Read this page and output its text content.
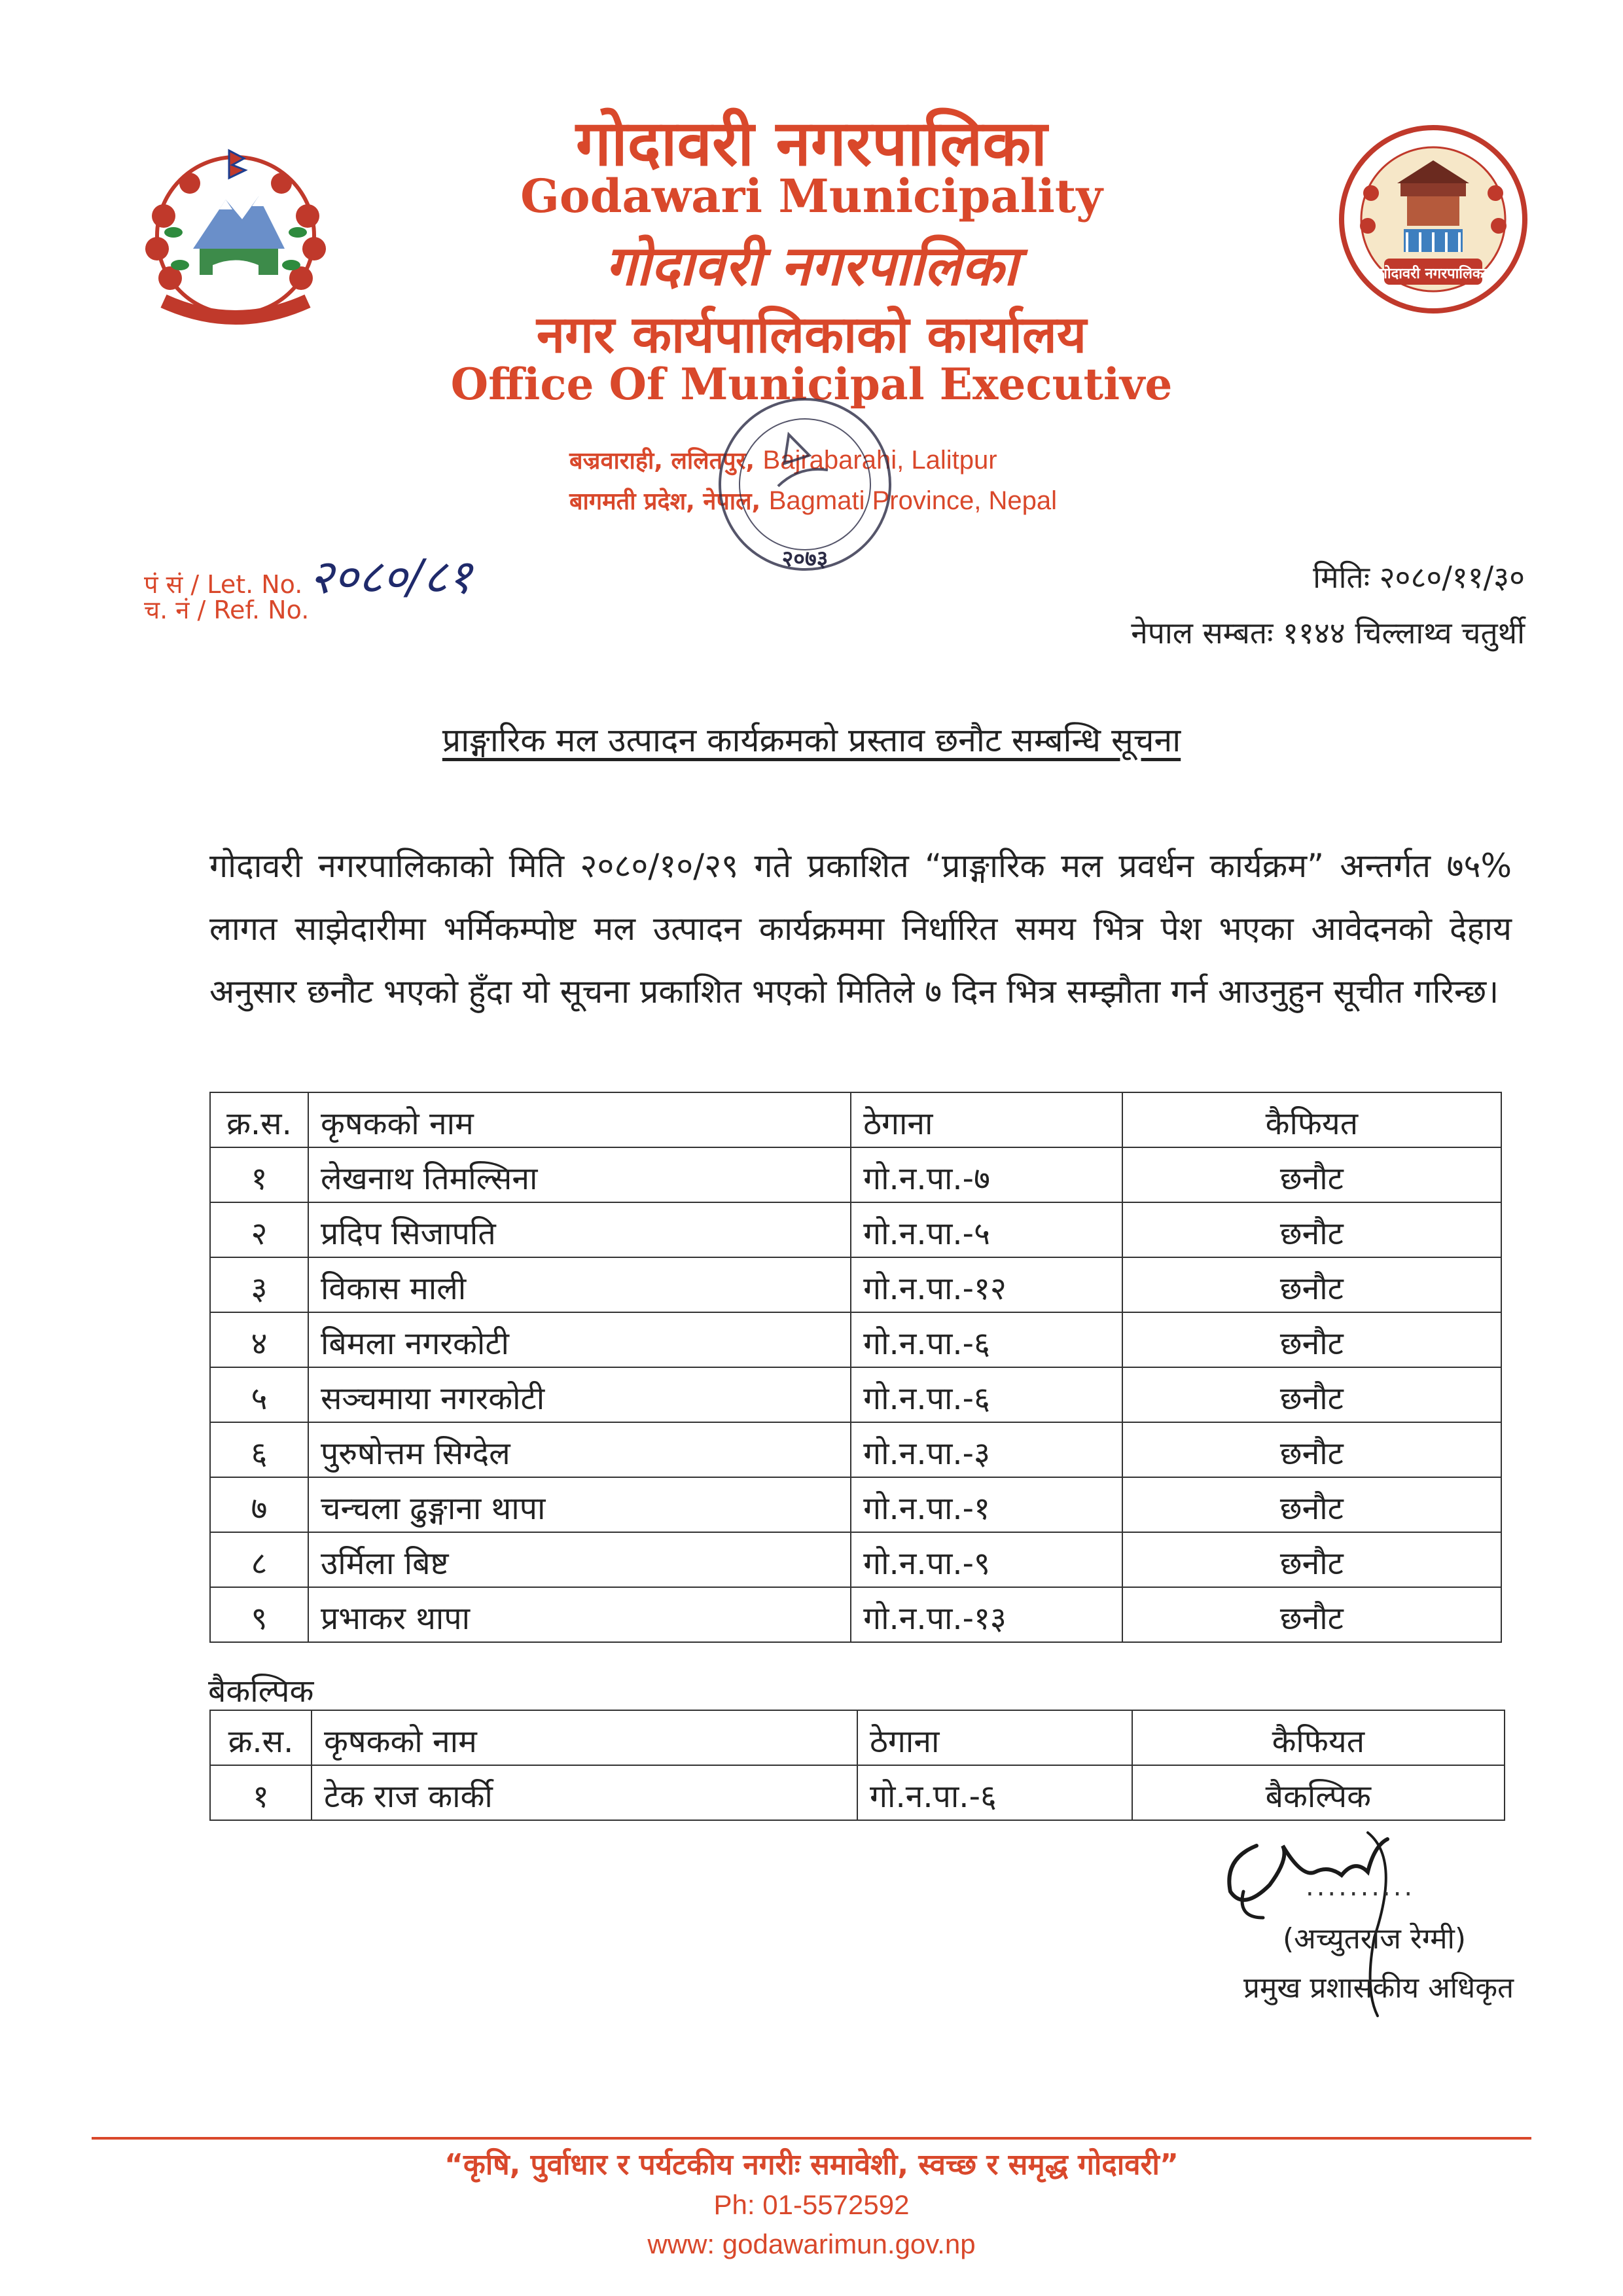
गोदावरी नगरपालिका
गोदावरी नगरपालिका
Godawari Municipality
गोदावरी नगरपालिका
नगर कार्यपालिकाको कार्यालय
Office Of Municipal Executive
बज्रवाराही, ललितपुर, Bajrabarahi, Lalitpur
बागमती प्रदेश, नेपाल, Bagmati Province, Nepal
२०७३
पं सं / Let. No. २०८०/८१
च. नं / Ref. No.
मितिः २०८०/११/३०
नेपाल सम्बतः ११४४ चिल्लाथ्व चतुर्थी
प्राङ्गारिक मल उत्पादन कार्यक्रमको प्रस्ताव छनौट सम्बन्धि सूचना
गोदावरी नगरपालिकाको मिति २०८०/१०/२९ गते प्रकाशित “प्राङ्गारिक मल प्रवर्धन कार्यक्रम” अन्तर्गत ७५% लागत साझेदारीमा भर्मिकम्पोष्ट मल उत्पादन कार्यक्रममा निर्धारित समय भित्र पेश भएका आवेदनको देहाय अनुसार छनौट भएको हुँदा यो सूचना प्रकाशित भएको मितिले ७ दिन भित्र सम्झौता गर्न आउनुहुन सूचीत गरिन्छ।
क्र.स.	कृषकको नाम	ठेगाना	कैफियत
१	लेखनाथ तिमल्सिना	गो.न.पा.-७	छनौट
२	प्रदिप सिजापति	गो.न.पा.-५	छनौट
३	विकास माली	गो.न.पा.-१२	छनौट
४	बिमला नगरकोटी	गो.न.पा.-६	छनौट
५	सञ्चमाया नगरकोटी	गो.न.पा.-६	छनौट
६	पुरुषोत्तम सिग्देल	गो.न.पा.-३	छनौट
७	चन्चला ढुङ्गाना थापा	गो.न.पा.-१	छनौट
८	उर्मिला बिष्ट	गो.न.पा.-९	छनौट
९	प्रभाकर थापा	गो.न.पा.-१३	छनौट
बैकल्पिक
क्र.स.	कृषकको नाम	ठेगाना	कैफियत
१	टेक राज कार्की	गो.न.पा.-६	बैकल्पिक
..........
(अच्युतराज रेग्मी)
प्रमुख प्रशासकीय अधिकृत
“कृषि, पुर्वाधार र पर्यटकीय नगरीः समावेशी, स्वच्छ र समृद्ध गोदावरी”
Ph: 01-5572592
www: godawarimun.gov.np
